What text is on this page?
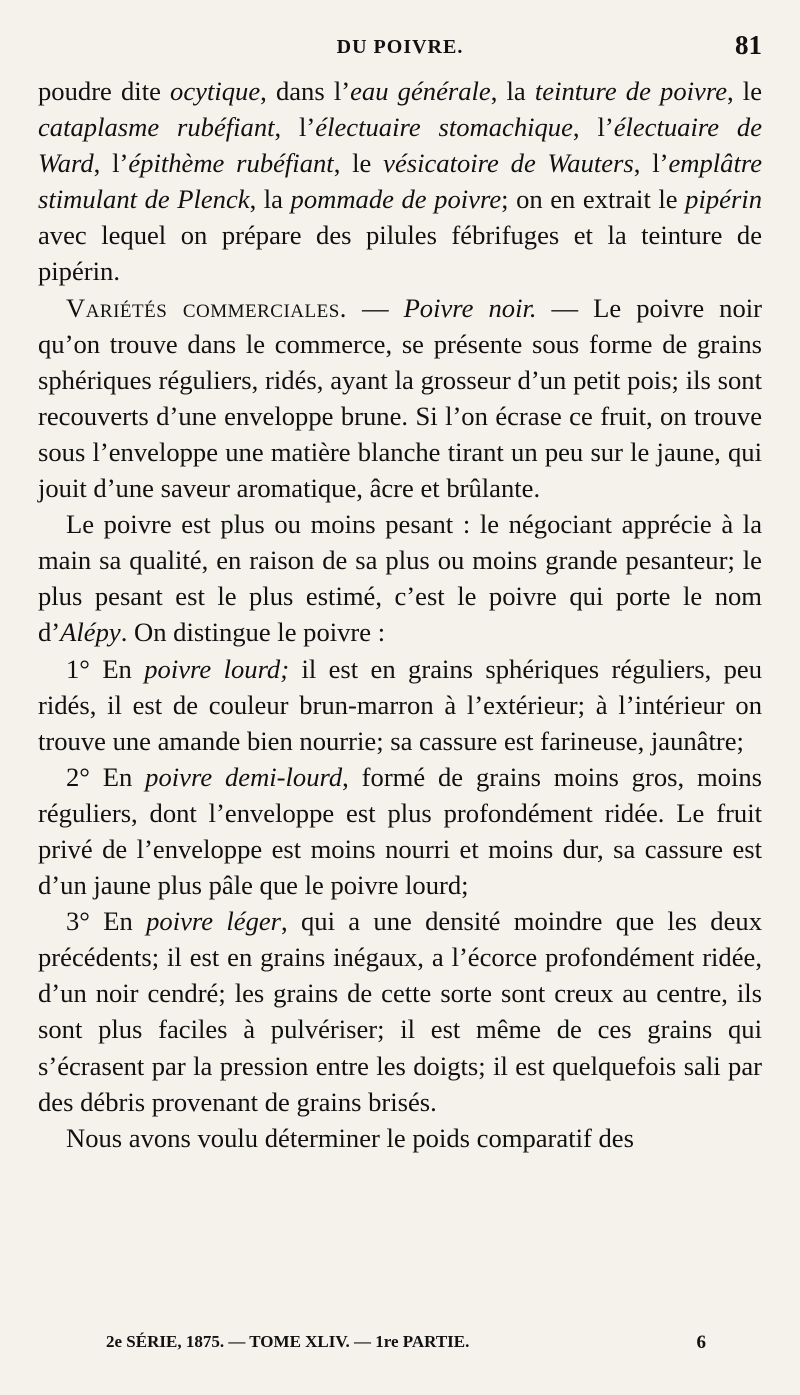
DU POIVRE.	81

poudre dite ocytique, dans l’eau générale, la teinture de poivre, le cataplasme rubéfiant, l’électuaire stomachique, l’électuaire de Ward, l’épithème rubéfiant, le vésicatoire de Wauters, l’emplâtre stimulant de Plenck, la pommade de poivre; on en extrait le pipérin avec lequel on prépare des pilules fébrifuges et la teinture de pipérin.

Variétés commerciales. — Poivre noir. — Le poivre noir qu’on trouve dans le commerce, se présente sous forme de grains sphériques réguliers, ridés, ayant la grosseur d’un petit pois; ils sont recouverts d’une enveloppe brune. Si l’on écrase ce fruit, on trouve sous l’enveloppe une matière blanche tirant un peu sur le jaune, qui jouit d’une saveur aromatique, âcre et brûlante.

Le poivre est plus ou moins pesant : le négociant apprécie à la main sa qualité, en raison de sa plus ou moins grande pesanteur; le plus pesant est le plus estimé, c’est le poivre qui porte le nom d’Alépy. On distingue le poivre :

1° En poivre lourd; il est en grains sphériques réguliers, peu ridés, il est de couleur brun-marron à l’extérieur; à l’intérieur on trouve une amande bien nourrie; sa cassure est farineuse, jaunâtre;

2° En poivre demi-lourd, formé de grains moins gros, moins réguliers, dont l’enveloppe est plus profondément ridée. Le fruit privé de l’enveloppe est moins nourri et moins dur, sa cassure est d’un jaune plus pâle que le poivre lourd;

3° En poivre léger, qui a une densité moindre que les deux précédents; il est en grains inégaux, a l’écorce profondément ridée, d’un noir cendré; les grains de cette sorte sont creux au centre, ils sont plus faciles à pulvériser; il est même de ces grains qui s’écrasent par la pression entre les doigts; il est quelquefois sali par des débris provenant de grains brisés.

Nous avons voulu déterminer le poids comparatif des

2e SÉRIE, 1875. — TOME XLIV. — 1re PARTIE.	6
